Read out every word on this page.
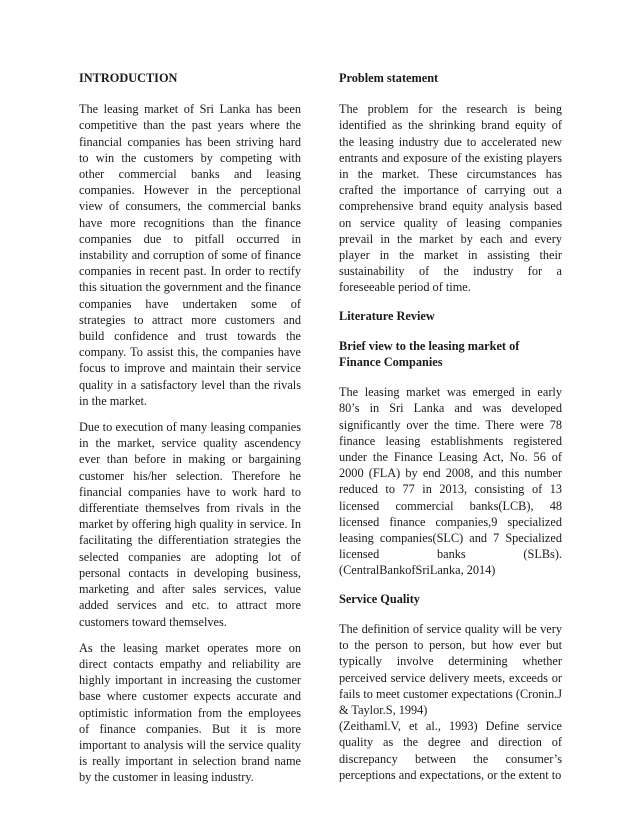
INTRODUCTION

The leasing market of Sri Lanka has been competitive than the past years where the financial companies has been striving hard to win the customers by competing with other commercial banks and leasing companies. However in the perceptional view of consumers, the commercial banks have more recognitions than the finance companies due to pitfall occurred in instability and corruption of some of finance companies in recent past. In order to rectify this situation the government and the finance companies have undertaken some of strategies to attract more customers and build confidence and trust towards the company. To assist this, the companies have focus to improve and maintain their service quality in a satisfactory level than the rivals in the market.

Due to execution of many leasing companies in the market, service quality ascendency ever than before in making or bargaining customer his/her selection. Therefore he financial companies have to work hard to differentiate themselves from rivals in the market by offering high quality in service. In facilitating the differentiation strategies the selected companies are adopting lot of personal contacts in developing business, marketing and after sales services, value added services and etc. to attract more customers toward themselves.

As the leasing market operates more on direct contacts empathy and reliability are highly important in increasing the customer base where customer expects accurate and optimistic information from the employees of finance companies. But it is more important to analysis will the service quality is really important in selection brand name by the customer in leasing industry.

Problem statement

The problem for the research is being identified as the shrinking brand equity of the leasing industry due to accelerated new entrants and exposure of the existing players in the market. These circumstances has crafted the importance of carrying out a comprehensive brand equity analysis based on service quality of leasing companies prevail in the market by each and every player in the market in assisting their sustainability of the industry for a foreseeable period of time.

Literature Review
Brief view to the leasing market of Finance Companies

The leasing market was emerged in early 80’s in Sri Lanka and was developed significantly over the time. There were 78 finance leasing establishments registered under the Finance Leasing Act, No. 56 of 2000 (FLA) by end 2008, and this number reduced to 77 in 2013, consisting of 13 licensed commercial banks(LCB), 48 licensed finance companies,9 specialized leasing companies(SLC) and 7 Specialized licensed banks (SLBs). (CentralBankofSriLanka, 2014)

Service Quality

The definition of service quality will be very to the person to person, but how ever but typically involve determining whether perceived service delivery meets, exceeds or fails to meet customer expectations (Cronin.J & Taylor.S, 1994)

(Zeithaml.V, et al., 1993) Define service quality as the degree and direction of discrepancy between the consumer’s perceptions and expectations, or the extent to
